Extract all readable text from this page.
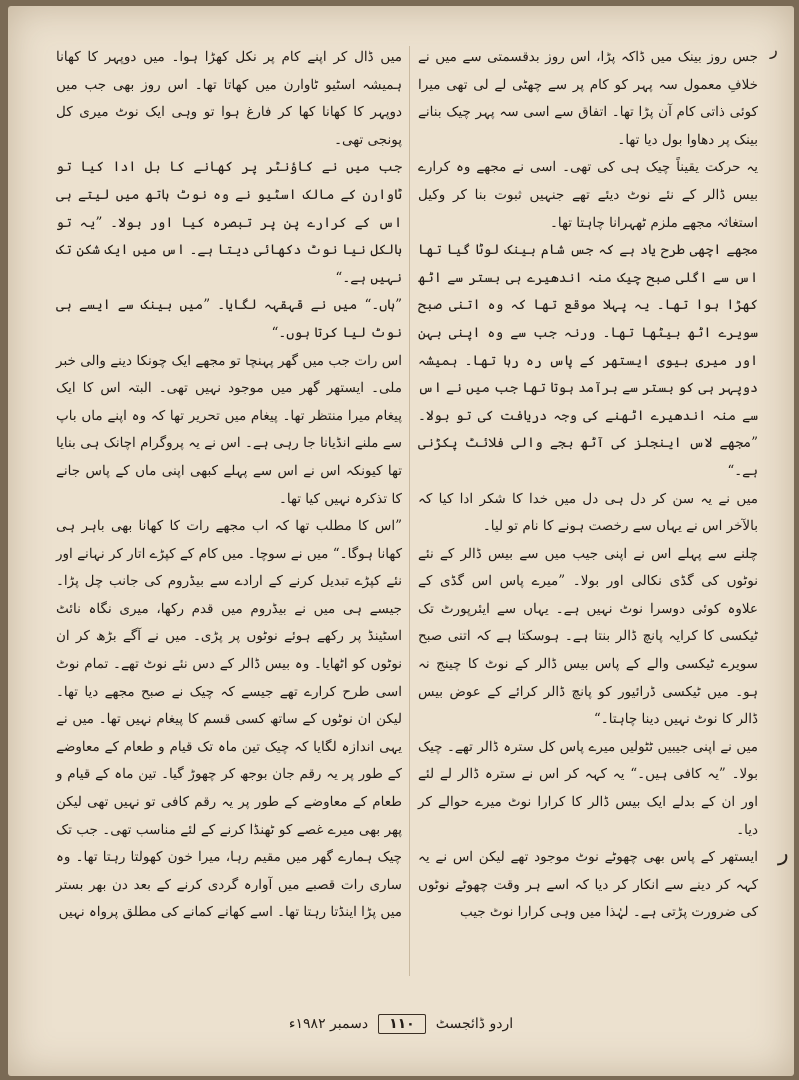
ر

جس روز بینک میں ڈاکہ پڑا، اس روز بدقسمتی سے میں نے خلافِ معمول سہ پہر کو کام پر سے چھٹی لے لی تھی میرا کوئی ذاتی کام آن پڑا تھا۔ اتفاق سے اسی سہ پہر چیک بنانے بینک پر دھاوا بول دیا تھا۔

یہ حرکت یقیناً چیک ہی کی تھی۔ اسی نے مجھے وہ کرارے بیس ڈالر کے نئے نوٹ دیئے تھے جنہیں ثبوت بنا کر وکیل استغاثہ مجھے ملزم ٹھہرانا چاہتا تھا۔

مجھے اچھی طرح یاد ہے کہ جس شام بینک لوٹا گیا تھا اس سے اگلی صبح چیک منہ اندھیرے ہی بستر سے اٹھ کھڑا ہوا تھا۔ یہ پہلا موقع تھا کہ وہ اتنی صبح سویرے اٹھ بیٹھا تھا۔ ورنہ جب سے وہ اپنی بہن اور میری بیوی ایستھر کے پاس رہ رہا تھا۔ ہمیشہ دوپہر ہی کو بستر سے برآمد ہوتا تھا جب میں نے اس سے منہ اندھیرے اٹھنے کی وجہ دریافت کی تو بولا۔ ”مجھے لاس اینجلز کی آٹھ بجے والی فلائٹ پکڑنی ہے۔“

میں نے یہ سن کر دل ہی دل میں خدا کا شکر ادا کیا کہ بالآخر اس نے یہاں سے رخصت ہونے کا نام تو لیا۔

چلنے سے پہلے اس نے اپنی جیب میں سے بیس ڈالر کے نئے نوٹوں کی گڈی نکالی اور بولا۔ ”میرے پاس اس گڈی کے علاوہ کوئی دوسرا نوٹ نہیں ہے۔ یہاں سے ایئرپورٹ تک ٹیکسی کا کرایہ پانچ ڈالر بنتا ہے۔ ہوسکتا ہے کہ اتنی صبح سویرے ٹیکسی والے کے پاس بیس ڈالر کے نوٹ کا چینج نہ ہو۔ میں ٹیکسی ڈرائیور کو پانچ ڈالر کرائے کے عوض بیس ڈالر کا نوٹ نہیں دینا چاہتا۔“

میں نے اپنی جیبیں ٹٹولیں میرے پاس کل سترہ ڈالر تھے۔ چیک بولا۔ ”یہ کافی ہیں۔“ یہ کہہ کر اس نے سترہ ڈالر لے لئے اور ان کے بدلے ایک بیس ڈالر کا کرارا نوٹ میرے حوالے کر دیا۔

ایستھر کے پاس بھی چھوٹے نوٹ موجود تھے لیکن اس نے یہ کہہ کر دینے سے انکار کر دیا کہ اسے ہر وقت چھوٹے نوٹوں کی ضرورت پڑتی ہے۔ لہٰذا میں وہی کرارا نوٹ جیب

میں ڈال کر اپنے کام پر نکل کھڑا ہوا۔ میں دوپہر کا کھانا ہمیشہ اسٹیو ٹاوارن میں کھاتا تھا۔ اس روز بھی جب میں دوپہر کا کھانا کھا کر فارغ ہوا تو وہی ایک نوٹ میری کل پونجی تھی۔

جب میں نے کاؤنٹر پر کھانے کا بل ادا کیا تو ٹاوارن کے مالک اسٹیو نے وہ نوٹ ہاتھ میں لیتے ہی اس کے کرارے پن پر تبصرہ کیا اور بولا۔ ”یہ تو بالکل نیا نوٹ دکھائی دیتا ہے۔ اس میں ایک شکن تک نہیں ہے۔“

”ہاں۔“ میں نے قہقہہ لگایا۔ ”میں بینک سے ایسے ہی نوٹ لیا کرتا ہوں۔“

اس رات جب میں گھر پہنچا تو مجھے ایک چونکا دینے والی خبر ملی۔ ایستھر گھر میں موجود نہیں تھی۔ البتہ اس کا ایک پیغام میرا منتظر تھا۔ پیغام میں تحریر تھا کہ وہ اپنے ماں باپ سے ملنے انڈیانا جا رہی ہے۔ اس نے یہ پروگرام اچانک ہی بنایا تھا کیونکہ اس نے اس سے پہلے کبھی اپنی ماں کے پاس جانے کا تذکرہ نہیں کیا تھا۔

”اس کا مطلب تھا کہ اب مجھے رات کا کھانا بھی باہر ہی کھانا ہوگا۔“ میں نے سوچا۔ میں کام کے کپڑے اتار کر نہانے اور نئے کپڑے تبدیل کرنے کے ارادے سے بیڈروم کی جانب چل پڑا۔ جیسے ہی میں نے بیڈروم میں قدم رکھا، میری نگاہ نائٹ اسٹینڈ پر رکھے ہوئے نوٹوں پر پڑی۔ میں نے آگے بڑھ کر ان نوٹوں کو اٹھایا۔ وہ بیس ڈالر کے دس نئے نوٹ تھے۔ تمام نوٹ اسی طرح کرارے تھے جیسے کہ چیک نے صبح مجھے دیا تھا۔ لیکن ان نوٹوں کے ساتھ کسی قسم کا پیغام نہیں تھا۔ میں نے یہی اندازہ لگایا کہ چیک تین ماہ تک قیام و طعام کے معاوضے کے طور پر یہ رقم جان بوجھ کر چھوڑ گیا۔ تین ماہ کے قیام و طعام کے معاوضے کے طور پر یہ رقم کافی تو نہیں تھی لیکن پھر بھی میرے غصے کو ٹھنڈا کرنے کے لئے مناسب تھی۔ جب تک چیک ہمارے گھر میں مقیم رہا، میرا خون کھولتا رہتا تھا۔ وہ ساری رات قصبے میں آوارہ گردی کرنے کے بعد دن بھر بستر میں پڑا اینڈتا رہتا تھا۔ اسے کھانے کمانے کی مطلق پرواہ نہیں

ر
اردو ڈائجسٹ
۱۱۰
دسمبر ۱۹۸۲ء
